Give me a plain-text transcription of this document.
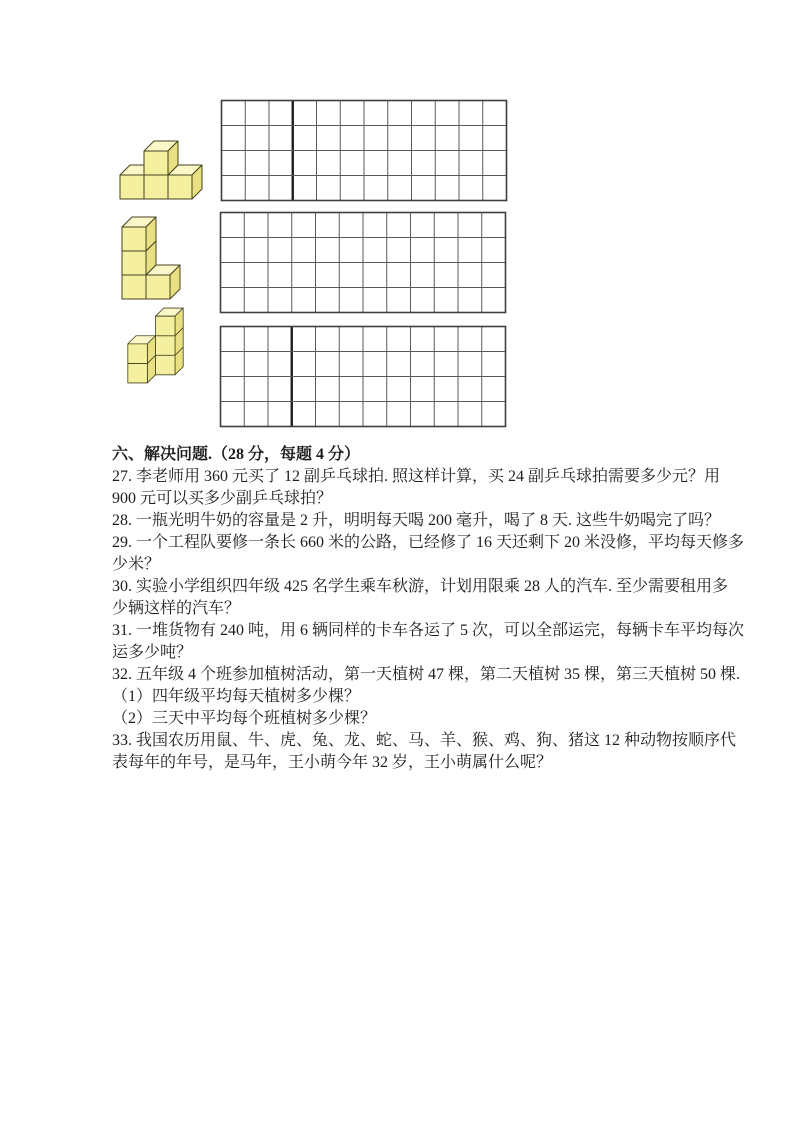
六、解决问题.（28 分，每题 4 分）
27. 李老师用 360 元买了 12 副乒乓球拍. 照这样计算，买 24 副乒乓球拍需要多少元？用
900 元可以买多少副乒乓球拍？
28. 一瓶光明牛奶的容量是 2 升，明明每天喝 200 毫升，喝了 8 天. 这些牛奶喝完了吗？
29. 一个工程队要修一条长 660 米的公路，已经修了 16 天还剩下 20 米没修，平均每天修多
少米？
30. 实验小学组织四年级 425 名学生乘车秋游，计划用限乘 28 人的汽车. 至少需要租用多
少辆这样的汽车？
31. 一堆货物有 240 吨，用 6 辆同样的卡车各运了 5 次，可以全部运完，每辆卡车平均每次
运多少吨？
32. 五年级 4 个班参加植树活动，第一天植树 47 棵，第二天植树 35 棵，第三天植树 50 棵.
（1）四年级平均每天植树多少棵？
（2）三天中平均每个班植树多少棵？
33. 我国农历用鼠、牛、虎、兔、龙、蛇、马、羊、猴、鸡、狗、猪这 12 种动物按顺序代
表每年的年号，是马年，王小萌今年 32 岁，王小萌属什么呢？
